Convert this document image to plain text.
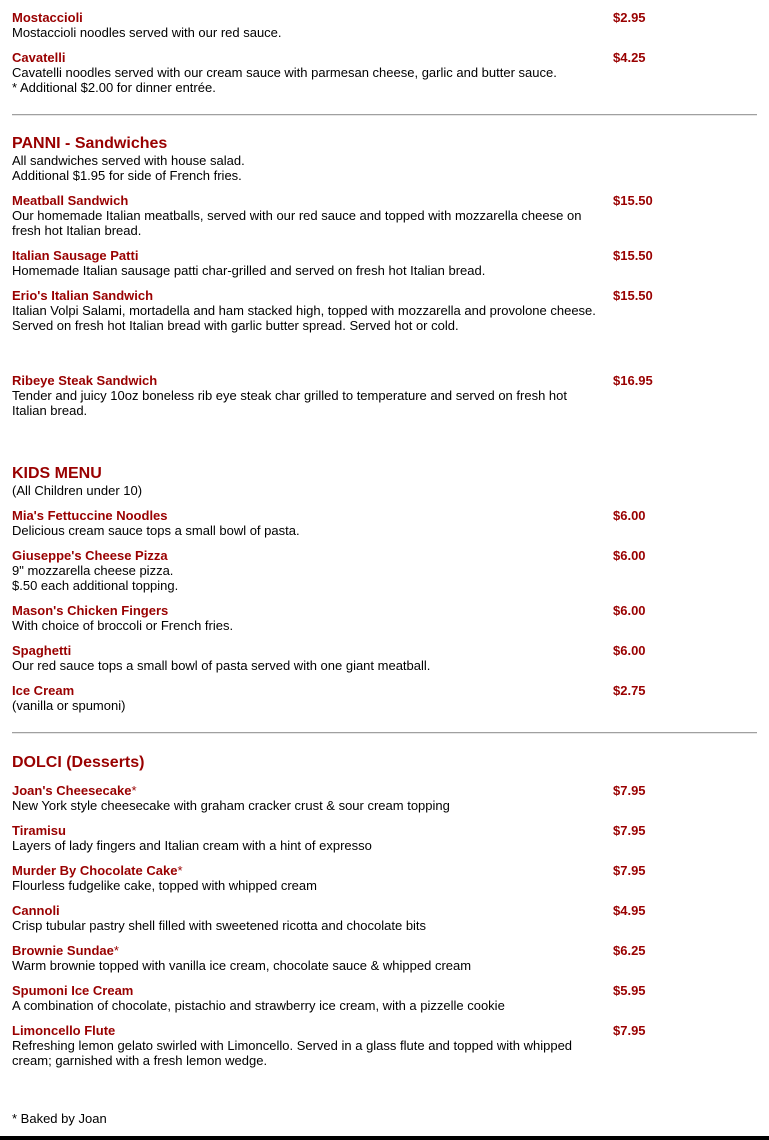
Mostaccioli
Mostaccioli noodles served with our red sauce.
$2.95
Cavatelli
Cavatelli noodles served with our cream sauce with parmesan cheese, garlic and butter sauce.
* Additional $2.00 for dinner entrée.
$4.25
PANNI - Sandwiches
All sandwiches served with house salad.
Additional $1.95 for side of French fries.
Meatball Sandwich
Our homemade Italian meatballs, served with our red sauce and topped with mozzarella cheese on
fresh hot Italian bread.
$15.50
Italian Sausage Patti
Homemade Italian sausage patti char-grilled and served on fresh hot Italian bread.
$15.50
Erio's Italian Sandwich
Italian Volpi Salami, mortadella and ham stacked high, topped with mozzarella and provolone cheese.
Served on fresh hot Italian bread with garlic butter spread. Served hot or cold.
$15.50
Ribeye Steak Sandwich
Tender and juicy 10oz boneless rib eye steak char grilled to temperature and served on fresh hot
Italian bread.
$16.95
KIDS MENU
(All Children under 10)
Mia's Fettuccine Noodles
Delicious cream sauce tops a small bowl of pasta.
$6.00
Giuseppe's Cheese Pizza
9" mozzarella cheese pizza.
$.50 each additional topping.
$6.00
Mason's Chicken Fingers
With choice of broccoli or French fries.
$6.00
Spaghetti
Our red sauce tops a small bowl of pasta served with one giant meatball.
$6.00
Ice Cream
(vanilla or spumoni)
$2.75
DOLCI (Desserts)
Joan's Cheesecake*
New York style cheesecake with graham cracker crust & sour cream topping
$7.95
Tiramisu
Layers of lady fingers and Italian cream with a hint of expresso
$7.95
Murder By Chocolate Cake*
Flourless fudgelike cake, topped with whipped cream
$7.95
Cannoli
Crisp tubular pastry shell filled with sweetened ricotta and chocolate bits
$4.95
Brownie Sundae*
Warm brownie topped with vanilla ice cream, chocolate sauce & whipped cream
$6.25
Spumoni Ice Cream
A combination of chocolate, pistachio and strawberry ice cream, with a pizzelle cookie
$5.95
Limoncello Flute
Refreshing lemon gelato swirled with Limoncello. Served in a glass flute and topped with whipped
cream; garnished with a fresh lemon wedge.
$7.95
* Baked by Joan
